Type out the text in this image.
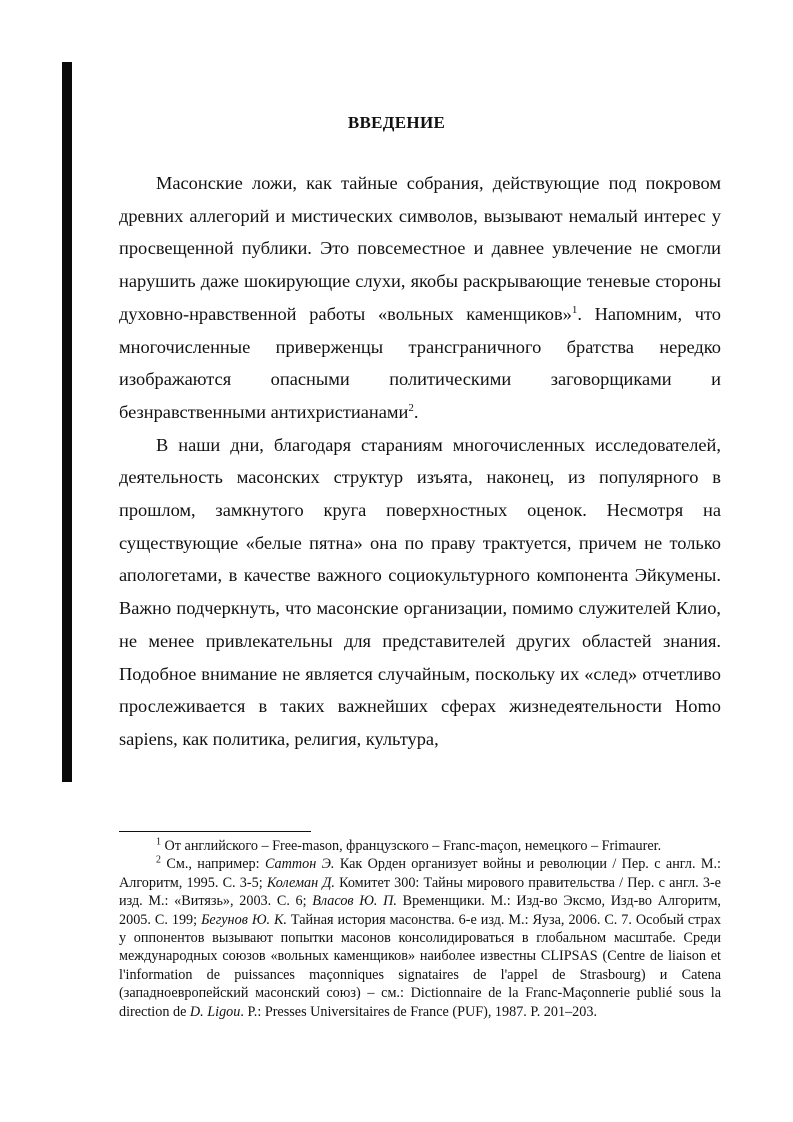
ВВЕДЕНИЕ

Масонские ложи, как тайные собрания, действующие под покровом древних аллегорий и мистических символов, вызывают немалый интерес у просвещенной публики. Это повсеместное и давнее увлечение не смогли нарушить даже шокирующие слухи, якобы раскрывающие теневые стороны духовно-нравственной работы «вольных каменщиков»$^1$. Напомним, что многочисленные приверженцы трансграничного братства нередко изображаются опасными политическими заговорщиками и безнравственными антихристианами$^2$.

В наши дни, благодаря стараниям многочисленных исследователей, деятельность масонских структур изъята, наконец, из популярного в прошлом, замкнутого круга поверхностных оценок. Несмотря на существующие «белые пятна» она по праву трактуется, причем не только апологетами, в качестве важного социокультурного компонента Эйкумены. Важно подчеркнуть, что масонские организации, помимо служителей Клио, не менее привлекательны для представителей других областей знания. Подобное внимание не является случайным, поскольку их «след» отчетливо прослеживается в таких важнейших сферах жизнедеятельности Homo sapiens, как политика, религия, культура,

$^1$ От английского – Free-mason, французского – Franc-maçon, немецкого – Frimaurer.

$^2$ См., например: Саттон Э. Как Орден организует войны и революции / Пер. с англ. М.: Алгоритм, 1995. С. 3-5; Колеман Д. Комитет 300: Тайны мирового правительства / Пер. с англ. 3-е изд. М.: «Витязь», 2003. С. 6; Власов Ю. П. Временщики. М.: Изд-во Эксмо, Изд-во Алгоритм, 2005. С. 199; Бегунов Ю. К. Тайная история масонства. 6-е изд. М.: Яуза, 2006. С. 7. Особый страх у оппонентов вызывают попытки масонов консолидироваться в глобальном масштабе. Среди международных союзов «вольных каменщиков» наиболее известны CLIPSAS (Centre de liaison et l'information de puissances maçonniques signataires de l'appel de Strasbourg) и Catena (западноевропейский масонский союз) – см.: Dictionnaire de la Franc-Maçonnerie publié sous la direction de D. Ligou. P.: Presses Universitaires de France (PUF), 1987. P. 201–203.
